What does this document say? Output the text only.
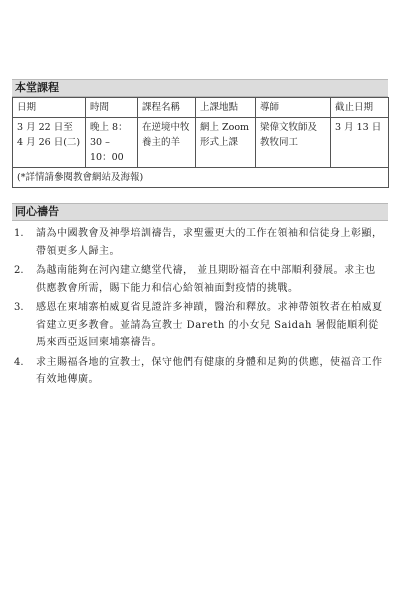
本堂課程
日期	時間	課程名稱	上課地點	導師	截止日期
3 月 22 日至 4 月 26 日(二)	晚上 8：30 – 10：00	在逆境中牧養主的羊	網上 Zoom 形式上課	梁偉文牧師及教牧同工	3 月 13 日
(*詳情請參閱教會網站及海報)					
同心禱告
1.	請為中國教會及神學培訓禱告，求聖靈更大的工作在領袖和信徒身上彰顯，帶領更多人歸主。
2.	為越南能夠在河內建立總堂代禱， 並且期盼福音在中部順利發展。求主也供應教會所需，賜下能力和信心給領袖面對疫情的挑戰。
3.	感恩在柬埔寨柏威夏省見證許多神蹟，醫治和釋放。求神帶領牧者在柏威夏省建立更多教會。並請為宣教士 Dareth 的小女兒 Saidah 暑假能順利從馬來西亞返回柬埔寨禱告。
4.	求主賜福各地的宣教士，保守他們有健康的身體和足夠的供應，使福音工作有效地傳廣。
